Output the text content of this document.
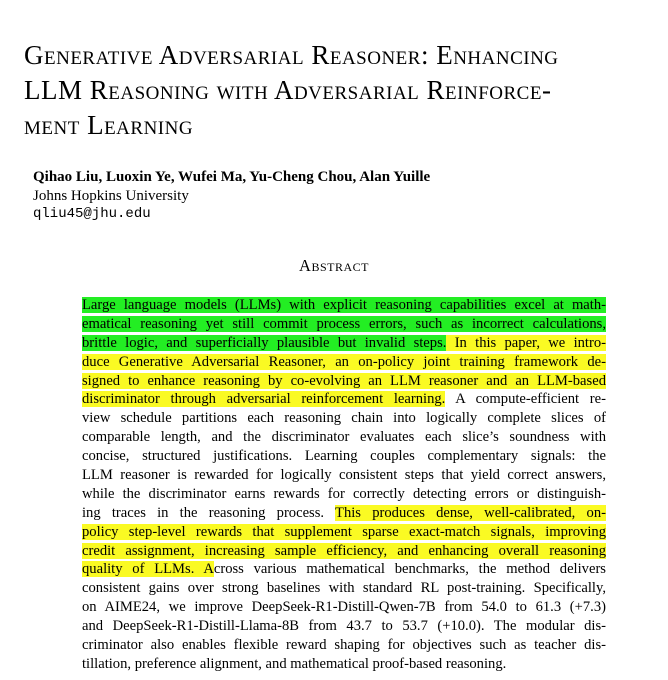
Generative Adversarial Reasoner: Enhancing
LLM Reasoning with Adversarial Reinforce-
ment Learning
Qihao Liu, Luoxin Ye, Wufei Ma, Yu-Cheng Chou, Alan Yuille
Johns Hopkins University
qliu45@jhu.edu
Abstract
Large language models (LLMs) with explicit reasoning capabilities excel at math-
ematical reasoning yet still commit process errors, such as incorrect calculations,
brittle logic, and superficially plausible but invalid steps. In this paper, we intro-
duce Generative Adversarial Reasoner, an on-policy joint training framework de-
signed to enhance reasoning by co-evolving an LLM reasoner and an LLM-based
discriminator through adversarial reinforcement learning. A compute-efficient re-
view schedule partitions each reasoning chain into logically complete slices of
comparable length, and the discriminator evaluates each slice’s soundness with
concise, structured justifications. Learning couples complementary signals: the
LLM reasoner is rewarded for logically consistent steps that yield correct answers,
while the discriminator earns rewards for correctly detecting errors or distinguish-
ing traces in the reasoning process. This produces dense, well-calibrated, on-
policy step-level rewards that supplement sparse exact-match signals, improving
credit assignment, increasing sample efficiency, and enhancing overall reasoning
quality of LLMs. Across various mathematical benchmarks, the method delivers
consistent gains over strong baselines with standard RL post-training. Specifically,
on AIME24, we improve DeepSeek-R1-Distill-Qwen-7B from 54.0 to 61.3 (+7.3)
and DeepSeek-R1-Distill-Llama-8B from 43.7 to 53.7 (+10.0). The modular dis-
criminator also enables flexible reward shaping for objectives such as teacher dis-
tillation, preference alignment, and mathematical proof-based reasoning.
